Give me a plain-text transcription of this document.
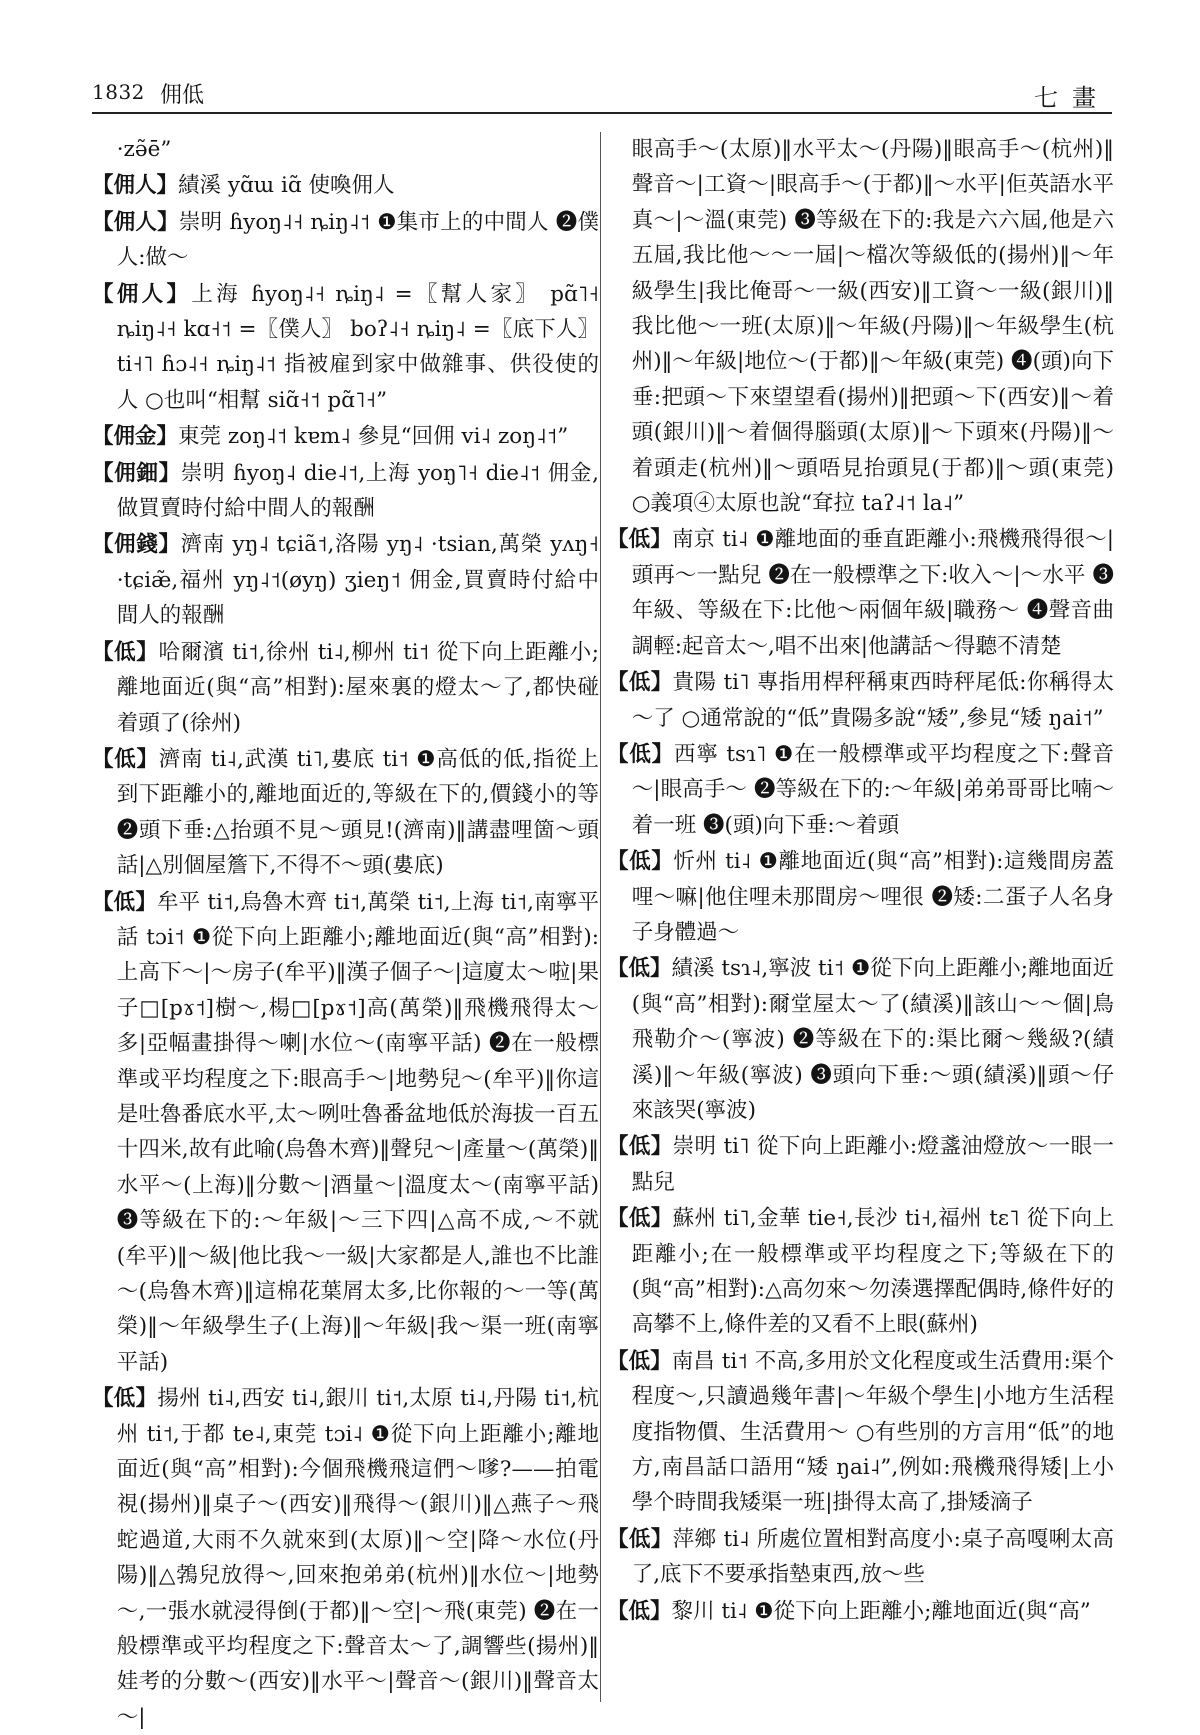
1832 佣低	七畫

·zə̃ē”

【佣人】績溪 yɑ̃ɯ iɑ̃ 使喚佣人

【佣人】崇明 ɦyoŋ˨˧ ȵiŋ˨˦ ❶集市上的中間人 ❷僕人:做～

【佣人】上海 ɦyoŋ˨˧ ȵiŋ˨ =〖幫人家〗 pɑ̃˥˧ ȵiŋ˨˧ kɑ˧˦ =〖僕人〗 boʔ˨˧ ȵiŋ˨ =〖底下人〗 ti˧˥ ɦɔ˨˧ ȵiŋ˨˦ 指被雇到家中做雜事、供役使的人 ○也叫“相幫 siɑ̃˧˦ pɑ̃˥˧”

【佣金】東莞 zoŋ˨˦ kɐm˨ 參見“回佣 vi˨ zoŋ˨˦”

【佣鈿】崇明 ɦyoŋ˨ die˨˦,上海 yoŋ˥˧ die˨˦ 佣金,做買賣時付給中間人的報酬

【佣錢】濟南 yŋ˨ tɕiã˦,洛陽 yŋ˨ ·tsian,萬榮 yʌŋ˧ ·tɕiæ̃,福州 yŋ˨˦(øyŋ) ʒieŋ˦ 佣金,買賣時付給中間人的報酬

【低】哈爾濱 ti˦,徐州 ti˨,柳州 ti˦ 從下向上距離小;離地面近(與“高”相對):屋來裏的燈太～了,都快碰着頭了(徐州)

【低】濟南 ti˨,武漢 ti˥,婁底 ti˦ ❶高低的低,指從上到下距離小的,離地面近的,等級在下的,價錢小的等 ❷頭下垂:△抬頭不見～頭見!(濟南)‖講盡哩箇～頭話|△別個屋簷下,不得不～頭(婁底)

【低】牟平 ti˦,烏魯木齊 ti˦,萬榮 ti˦,上海 ti˦,南寧平話 tɔi˦ ❶從下向上距離小;離地面近(與“高”相對):上高下～|～房子(牟平)‖漢子個子～|這廈太～啦|果子□[pɤ˦]樹～,楊□[pɤ˦]高(萬榮)‖飛機飛得太～多|亞幅畫掛得～喇|水位～(南寧平話) ❷在一般標準或平均程度之下:眼高手～|地勢兒～(牟平)‖你這是吐魯番底水平,太～咧吐魯番盆地低於海拔一百五十四米,故有此喻(烏魯木齊)‖聲兒～|產量～(萬榮)‖水平～(上海)‖分數～|酒量～|溫度太～(南寧平話) ❸等級在下的:～年級|～三下四|△高不成,～不就(牟平)‖～級|他比我～一級|大家都是人,誰也不比誰～(烏魯木齊)‖這棉花葉屑太多,比你報的～一等(萬榮)‖～年級學生子(上海)‖～年級|我～渠一班(南寧平話)

【低】揚州 ti˨,西安 ti˨,銀川 ti˦,太原 ti˨,丹陽 ti˦,杭州 ti˦,于都 te˨,東莞 tɔi˨ ❶從下向上距離小;離地面近(與“高”相對):今個飛機飛這們～嗲?——拍電視(揚州)‖桌子～(西安)‖飛得～(銀川)‖△燕子～飛蛇過道,大雨不久就來到(太原)‖～空|降～水位(丹陽)‖△鵓兒放得～,回來抱弟弟(杭州)‖水位～|地勢～,一張水就浸得倒(于都)‖～空|～飛(東莞) ❷在一般標準或平均程度之下:聲音太～了,調響些(揚州)‖娃考的分數～(西安)‖水平～|聲音～(銀川)‖聲音太～|

眼高手～(太原)‖水平太～(丹陽)‖眼高手～(杭州)‖聲音～|工資～|眼高手～(于都)‖～水平|佢英語水平真～|～溫(東莞) ❸等級在下的:我是六六屆,他是六五屆,我比他～～一屆|～檔次等級低的(揚州)‖～年級學生|我比俺哥～一級(西安)‖工資～一級(銀川)‖我比他～一班(太原)‖～年級(丹陽)‖～年級學生(杭州)‖～年級|地位～(于都)‖～年級(東莞) ❹(頭)向下垂:把頭～下來望望看(揚州)‖把頭～下(西安)‖～着頭(銀川)‖～着個得腦頭(太原)‖～下頭來(丹陽)‖～着頭走(杭州)‖～頭唔見抬頭見(于都)‖～頭(東莞) ○義項④太原也說“耷拉 taʔ˨˦ la˨”

【低】南京 ti˨ ❶離地面的垂直距離小:飛機飛得很～|頭再～一點兒 ❷在一般標準之下:收入～|～水平 ❸年級、等級在下:比他～兩個年級|職務～ ❹聲音曲調輕:起音太～,唱不出來|他講話～得聽不清楚

【低】貴陽 ti˥ 專指用桿秤稱東西時秤尾低:你稱得太～了 ○通常說的“低”貴陽多說“矮”,參見“矮 ŋai˦”

【低】西寧 tsɿ˥ ❶在一般標準或平均程度之下:聲音～|眼高手～ ❷等級在下的:～年級|弟弟哥哥比喃～着一班 ❸(頭)向下垂:～着頭

【低】忻州 ti˨ ❶離地面近(與“高”相對):這幾間房蓋哩～嘛|他住哩未那間房～哩很 ❷矮:二蛋子人名身子身體過～

【低】績溪 tsɿ˨,寧波 ti˦ ❶從下向上距離小;離地面近(與“高”相對):爾堂屋太～了(績溪)‖該山～～個|鳥飛勒介～(寧波) ❷等級在下的:渠比爾～幾級?(績溪)‖～年級(寧波) ❸頭向下垂:～頭(績溪)‖頭～仔來該哭(寧波)

【低】崇明 ti˥ 從下向上距離小:燈盞油燈放～一眼一點兒

【低】蘇州 ti˥,金華 tie˧,長沙 ti˧,福州 tɛ˥ 從下向上距離小;在一般標準或平均程度之下;等級在下的(與“高”相對):△高勿來～勿湊選擇配偶時,條件好的高攀不上,條件差的又看不上眼(蘇州)

【低】南昌 ti˦ 不高,多用於文化程度或生活費用:渠个程度～,只讀過幾年書|～年級个學生|小地方生活程度指物價、生活費用～ ○有些別的方言用“低”的地方,南昌話口語用“矮 ŋai˨”,例如:飛機飛得矮|上小學个時間我矮渠一班|掛得太高了,掛矮滴子

【低】萍鄉 ti˨ 所處位置相對高度小:桌子高嘎唎太高了,底下不要承指墊東西,放～些

【低】黎川 ti˨ ❶從下向上距離小;離地面近(與“高”
